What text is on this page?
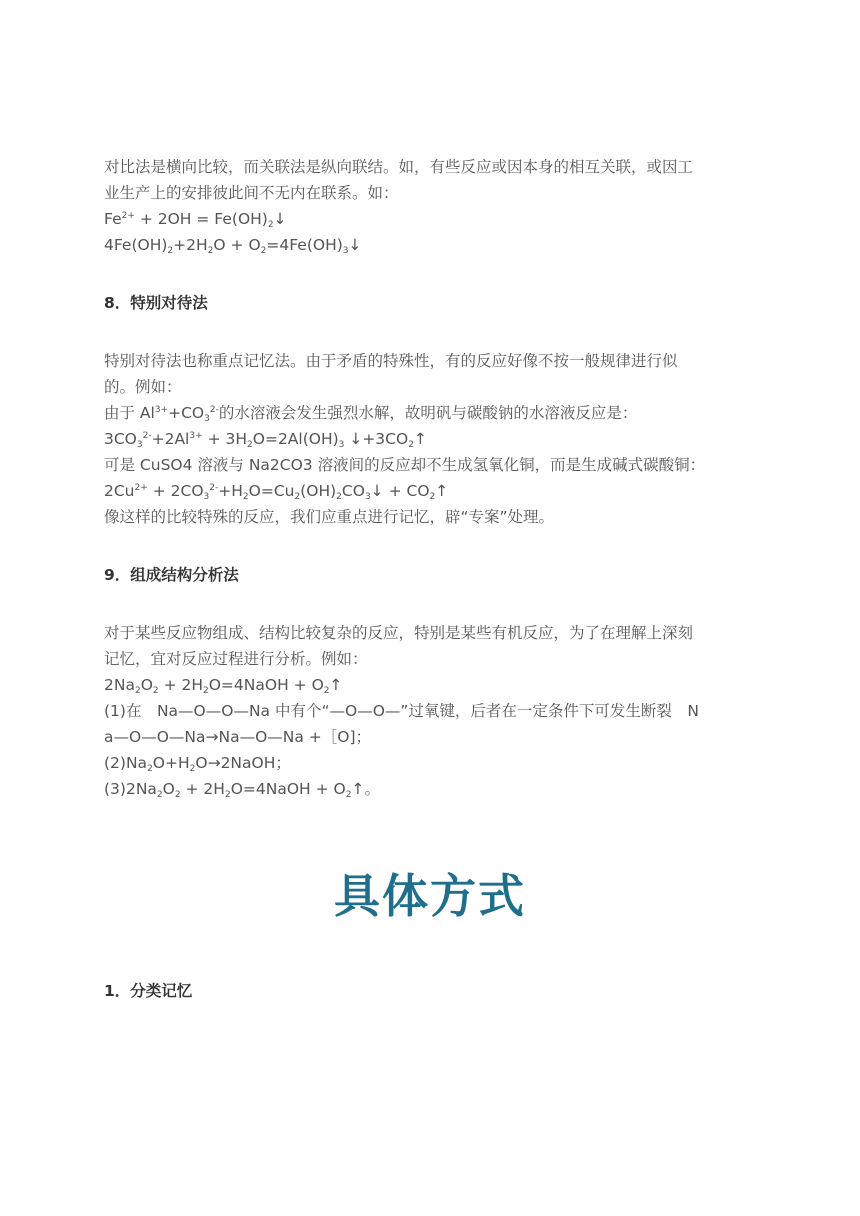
对比法是横向比较，而关联法是纵向联结。如，有些反应或因本身的相互关联，或因工
业生产上的安排彼此间不无内在联系。如：
$Fe^{2+} + 2OH$ = $Fe(OH)_2↓$
$4Fe(OH)_2+2H_2O$ + $O_2=4Fe(OH)_3↓$
8．特别对待法
特别对待法也称重点记忆法。由于矛盾的特殊性，有的反应好像不按一般规律进行似
的。例如：
由于 $Al^{3+}+CO_3^{2-}$的水溶液会发生强烈水解，故明矾与碳酸钠的水溶液反应是：
$3CO_3^{2-}+2Al^{3+} + 3H_2O=2Al(OH)_3$ $↓+3CO_2↑$
可是 CuSO4 溶液与 Na2CO3 溶液间的反应却不生成氢氧化铜，而是生成碱式碳酸铜：
$2Cu^{2+}$ + $2CO_3^{2-}+H_2O=Cu_2(OH)_2CO_3↓$ + $CO_2↑$
像这样的比较特殊的反应，我们应重点进行记忆，辟“专案”处理。
9．组成结构分析法
对于某些反应物组成、结构比较复杂的反应，特别是某些有机反应，为了在理解上深刻
记忆，宜对反应过程进行分析。例如：
$2Na_2O_2$ + $2H_2O=4NaOH$ + $O_2↑$
(1)在　Na—O—O—Na 中有个“—O—O—”过氧键，后者在一定条件下可发生断裂　N
a—O—O—Na→Na—O—Na +［O]；
$(2)Na_2O+H_2O\to 2NaOH$；
$(3)2Na_2O_2$ + $2H_2O=4NaOH$ + $O_2↑$。
具体方式
1．分类记忆
